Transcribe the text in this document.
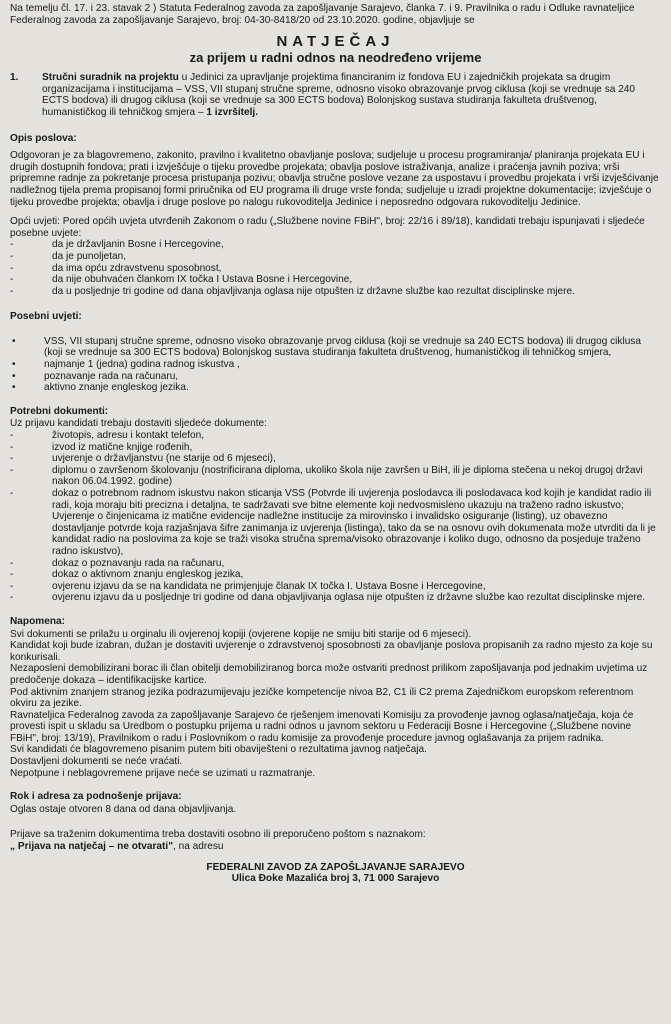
Na temelju čl. 17. i 23. stavak 2 ) Statuta Federalnog zavoda za zapošljavanje Sarajevo, članka 7. i 9. Pravilnika o radu i Odluke ravnateljice Federalnog zavoda za zapošljavanje Sarajevo, broj: 04-30-8418/20 od 23.10.2020. godine, objavljuje se

NATJEČAJ
za prijem u radni odnos na neodređeno vrijeme
1.	Stručni suradnik na projektu u Jedinici za upravljanje projektima financiranim iz fondova EU i zajedničkih projekata sa drugim organizacijama i institucijama – VSS, VII stupanj stručne spreme, odnosno visoko obrazovanje prvog ciklusa (koji se vrednuje sa 240 ECTS bodova) ili drugog ciklusa (koji se vrednuje sa 300 ECTS bodova) Bolonjskog sustava studiranja fakulteta društvenog, humanističkog ili tehničkog smjera – 1 izvršitelj.
Opis poslova:

Odgovoran je za blagovremeno, zakonito, pravilno i kvalitetno obavljanje poslova; sudjeluje u procesu programiranja/ planiranja projekata EU i drugih dostupnih fondova; prati i izvješćuje o tijeku provedbe projekata; obavlja poslove istraživanja, analize i praćenja javnih poziva; vrši pripremne radnje za pokretanje procesa pristupanja pozivu; obavlja stručne poslove vezane za uspostavu i provedbu projekata i vrši izvješćivanje nadležnog tijela prema propisanoj formi priručnika od EU programa ili druge vrste fonda; sudjeluje u izradi projektne dokumentacije; izvješćuje o tijeku provedbe projekta; obavlja i druge poslove po nalogu rukovoditelja Jedinice i neposredno odgovara rukovoditelju Jedinice.

Opći uvjeti: Pored općih uvjeta utvrđenih Zakonom o radu („Službene novine FBiH", broj: 22/16 i 89/18), kandidati trebaju ispunjavati i sljedeće posebne uvjete:

-	da je državljanin Bosne i Hercegovine,
-	da je punoljetan,
-	da ima opću zdravstvenu sposobnost,
-	da nije obuhvaćen člankom IX točka I Ustava Bosne i Hercegovine,
-	da u posljednje tri godine od dana objavljivanja oglasa nije otpušten iz državne službe kao rezultat disciplinske mjere.
Posebni uvjeti:
•	VSS, VII stupanj stručne spreme, odnosno visoko obrazovanje prvog ciklusa (koji se vrednuje sa 240 ECTS bodova) ili drugog ciklusa (koji se vrednuje sa 300 ECTS bodova) Bolonjskog sustava studiranja fakulteta društvenog, humanističkog ili tehničkog smjera,
•	najmanje 1 (jedna) godina radnog iskustva ,
•	poznavanje rada na računaru,
•	aktivno znanje engleskog jezika.
Potrebni dokumenti:

Uz prijavu kandidati trebaju dostaviti sljedeće dokumente:

-	životopis, adresu i kontakt telefon,
-	izvod iz matične knjige rođenih,
-	uvjerenje o državljanstvu (ne starije od 6 mjeseci),
-	diplomu o završenom školovanju (nostrificirana diploma, ukoliko škola nije završen u BiH, ili je diploma stečena u nekoj drugoj državi nakon 06.04.1992. godine)
-	dokaz o potrebnom radnom iskustvu nakon sticanja VSS (Potvrde ili uvjerenja poslodavca ili poslodavaca kod kojih je kandidat radio ili radi, koja moraju biti precizna i detaljna, te sadržavati sve bitne elemente koji nedvosmisleno ukazuju na traženo radno iskustvo; Uvjerenje o činjenicama iz matične evidencije nadležne institucije za mirovinsko i invalidsko osiguranje (listing), uz obavezno dostavljanje potvrde koja razjašnjava šifre zanimanja iz uvjerenja (listinga), tako da se na osnovu ovih dokumenata može utvrditi da li je kandidat radio na poslovima za koje se traži visoka stručna sprema/visoko obrazovanje i koliko dugo, odnosno da posjeduje traženo radno iskustvo),
-	dokaz o poznavanju rada na računaru,
-	dokaz o aktivnom znanju engleskog jezika,
-	ovjerenu izjavu da se na kandidata ne primjenjuje članak IX točka I. Ustava Bosne i Hercegovine,
-	ovjerenu izjavu da u posljednje tri godine od dana objavljivanja oglasa nije otpušten iz državne službe kao rezultat disciplinske mjere.
Napomena:

Svi dokumenti se prilažu u orginalu ili ovjerenoj kopiji (ovjerene kopije ne smiju biti starije od 6 mjeseci).

Kandidat koji bude izabran, dužan je dostaviti uvjerenje o zdravstvenoj sposobnosti za obavljanje poslova propisanih za radno mjesto za koje su konkurisali.

Nezaposleni demobilizirani borac ili član obitelji demobiliziranog borca može ostvariti prednost prilikom zapošljavanja pod jednakim uvjetima uz predočenje dokaza – identifikacijske kartice.

Pod aktivnim znanjem stranog jezika podrazumijevaju jezičke kompetencije nivoa B2, C1 ili C2 prema Zajedničkom europskom referentnom okviru za jezike.

Ravnateljica Federalnog zavoda za zapošljavanje Sarajevo će rješenjem imenovati Komisiju za provođenje javnog oglasa/natječaja, koja će provesti ispit u skladu sa Uredbom o postupku prijema u radni odnos u javnom sektoru u Federaciji Bosne i Hercegovine („Službene novine FBiH", broj: 13/19), Pravilnikom o radu i Poslovnikom o radu komisije za provođenje procedure javnog oglašavanja za prijem radnika.

Svi kandidati će blagovremeno pisanim putem biti obaviješteni o rezultatima javnog natječaja.

Dostavljeni dokumenti se neće vraćati.

Nepotpune i neblagovremene prijave neće se uzimati u razmatranje.

Rok i adresa za podnošenje prijava:

Oglas ostaje otvoren 8 dana od dana objavljivanja.

Prijave sa traženim dokumentima treba dostaviti osobno ili preporučeno poštom s naznakom:

„ Prijava na natječaj – ne otvarati", na adresu

FEDERALNI ZAVOD ZA ZAPOŠLJAVANJE SARAJEVO
Ulica Đoke Mazalića broj 3, 71 000 Sarajevo
